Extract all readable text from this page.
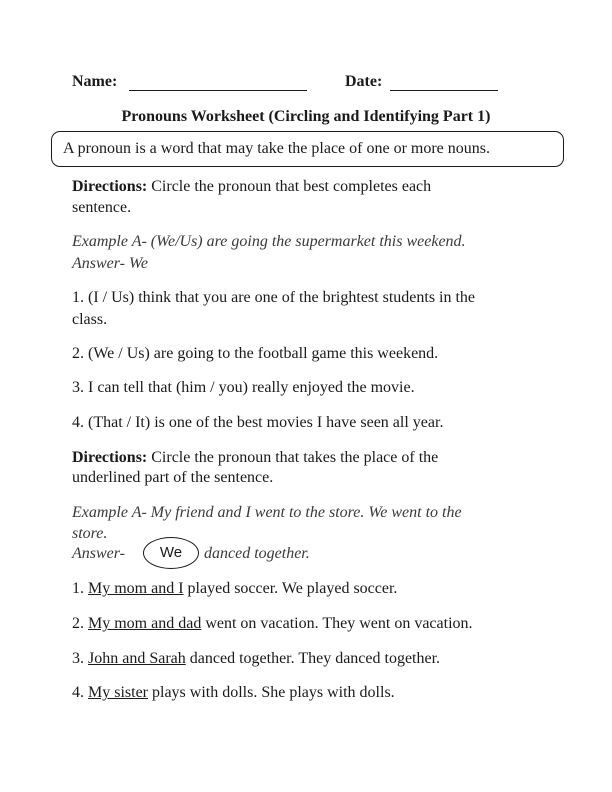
Name:	Date:
Pronouns Worksheet (Circling and Identifying Part 1)
A pronoun is a word that may take the place of one or more nouns.
Directions: Circle the pronoun that best completes each
sentence.
Example A- (We/Us) are going the supermarket this weekend.
Answer- We
1. (I / Us) think that you are one of the brightest students in the
class.
2. (We / Us) are going to the football game this weekend.
3. I can tell that (him / you) really enjoyed the movie.
4. (That / It) is one of the best movies I have seen all year.
Directions: Circle the pronoun that takes the place of the
underlined part of the sentence.
Example A- My friend and I went to the store. We went to the
store.
Answer-	We	danced together.
1. My mom and I played soccer. We played soccer.
2. My mom and dad went on vacation. They went on vacation.
3. John and Sarah danced together. They danced together.
4. My sister plays with dolls. She plays with dolls.
